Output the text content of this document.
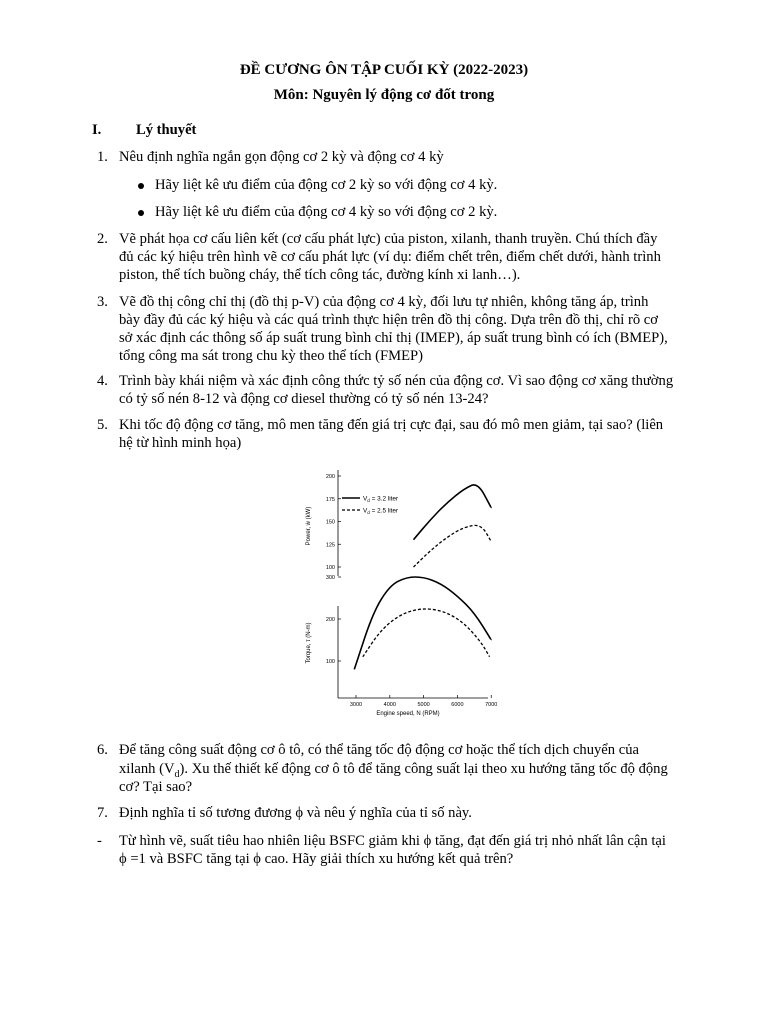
ĐỀ CƯƠNG ÔN TẬP CUỐI KỲ (2022-2023)
Môn: Nguyên lý động cơ đốt trong
I. Lý thuyết
1. Nêu định nghĩa ngắn gọn động cơ 2 kỳ và động cơ 4 kỳ
Hãy liệt kê ưu điểm của động cơ 2 kỳ so với động cơ 4 kỳ.
Hãy liệt kê ưu điểm của động cơ 4 kỳ so với động cơ 2 kỳ.
2. Vẽ phát họa cơ cấu liên kết (cơ cấu phát lực) của piston, xilanh, thanh truyền. Chú thích đầy
đủ các ký hiệu trên hình vẽ cơ cấu phát lực (ví dụ: điểm chết trên, điểm chết dưới, hành trình
piston, thể tích buồng cháy, thể tích công tác, đường kính xi lanh…).
3. Vẽ đồ thị công chỉ thị (đồ thị p-V) của động cơ 4 kỳ, đối lưu tự nhiên, không tăng áp, trình
bày đầy đủ các ký hiệu và các quá trình thực hiện trên đồ thị công. Dựa trên đồ thị, chỉ rõ cơ
sở xác định các thông số áp suất trung bình chỉ thị (IMEP), áp suất trung bình có ích (BMEP),
tổng công ma sát trong chu kỳ theo thể tích (FMEP)
4. Trình bày khái niệm và xác định công thức tỷ số nén của động cơ. Vì sao động cơ xăng thường
có tỷ số nén 8-12 và động cơ diesel thường có tỷ số nén 13-24?
5. Khi tốc độ động cơ tăng, mô men tăng đến giá trị cực đại, sau đó mô men giảm, tại sao? (liên
hệ từ hình minh họa)
100
125
150
175
200
100
200
300
3000	4000	5000	6000	7000
$V_d = 3.2$ liter
$V_d = 2.5$ liter
Power, ẇ (kW)
Torque, τ (N-m)
Engine speed, N (RPM)
6. Để tăng công suất động cơ ô tô, có thể tăng tốc độ động cơ hoặc thể tích dịch chuyển của
xilanh $(V_d)$. Xu thế thiết kế động cơ ô tô để tăng công suất lại theo xu hướng tăng tốc độ động
cơ? Tại sao?
7. Định nghĩa tỉ số tương đương ϕ và nêu ý nghĩa của tỉ số này.
- Từ hình vẽ, suất tiêu hao nhiên liệu BSFC giảm khi ϕ tăng, đạt đến giá trị nhỏ nhất lân cận tại
ϕ =1 và BSFC tăng tại ϕ cao. Hãy giải thích xu hướng kết quả trên?
